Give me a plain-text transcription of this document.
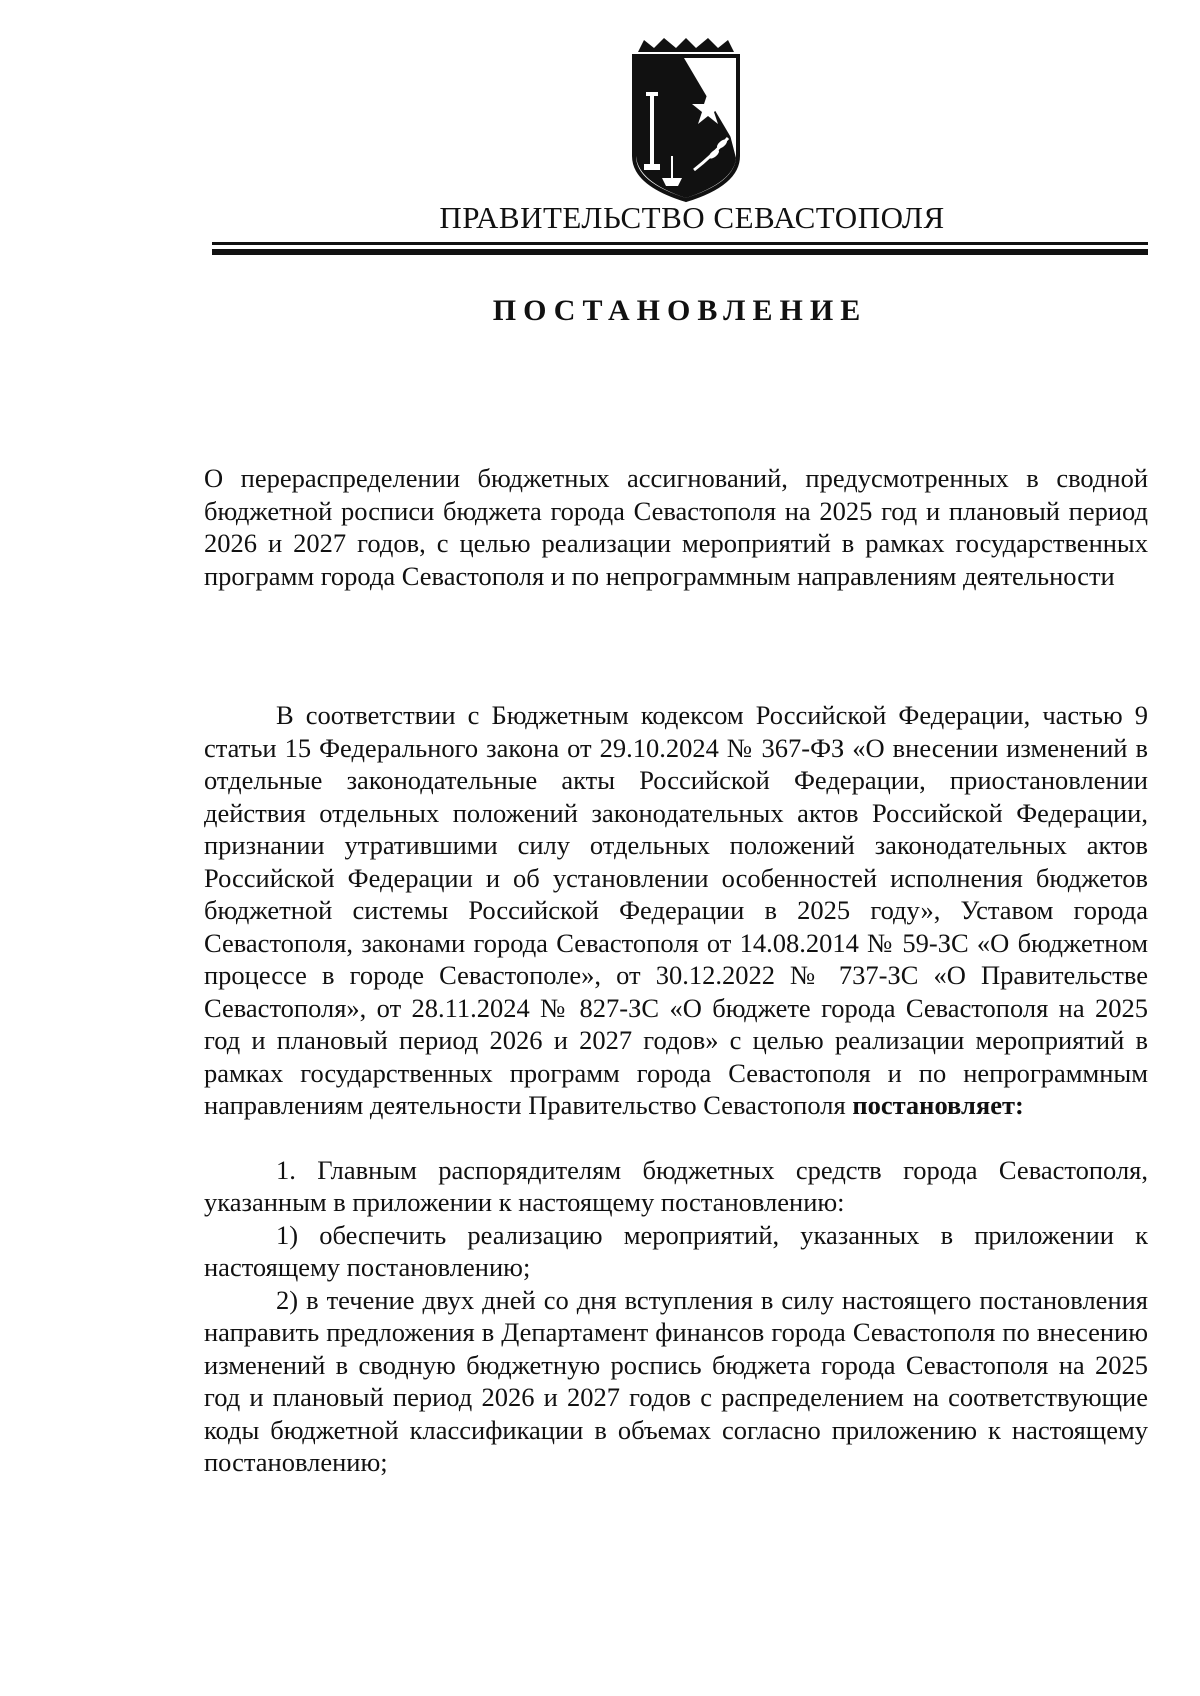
ПРАВИТЕЛЬСТВО СЕВАСТОПОЛЯ
ПОСТАНОВЛЕНИЕ
О перераспределении бюджетных ассигнований, предусмотренных в сводной бюджетной росписи бюджета города Севастополя на 2025 год и плановый период 2026 и 2027 годов, с целью реализации мероприятий в рамках государственных программ города Севастополя и по непрограммным направлениям деятельности

В соответствии с Бюджетным кодексом Российской Федерации, частью 9 статьи 15 Федерального закона от 29.10.2024 № 367-ФЗ «О внесении изменений в отдельные законодательные акты Российской Федерации, приостановлении действия отдельных положений законодательных актов Российской Федерации, признании утратившими силу отдельных положений законодательных актов Российской Федерации и об установлении особенностей исполнения бюджетов бюджетной системы Российской Федерации в 2025 году», Уставом города Севастополя, законами города Севастополя от 14.08.2014 № 59-ЗС «О бюджетном процессе в городе Севастополе», от 30.12.2022 № 737-ЗС «О Правительстве Севастополя», от 28.11.2024 № 827-ЗС «О бюджете города Севастополя на 2025 год и плановый период 2026 и 2027 годов» с целью реализации мероприятий в рамках государственных программ города Севастополя и по непрограммным направлениям деятельности Правительство Севастополя постановляет:

1. Главным распорядителям бюджетных средств города Севастополя, указанным в приложении к настоящему постановлению:

1) обеспечить реализацию мероприятий, указанных в приложении к настоящему постановлению;

2) в течение двух дней со дня вступления в силу настоящего постановления направить предложения в Департамент финансов города Севастополя по внесению изменений в сводную бюджетную роспись бюджета города Севастополя на 2025 год и плановый период 2026 и 2027 годов с распределением на соответствующие коды бюджетной классификации в объемах согласно приложению к настоящему постановлению;
